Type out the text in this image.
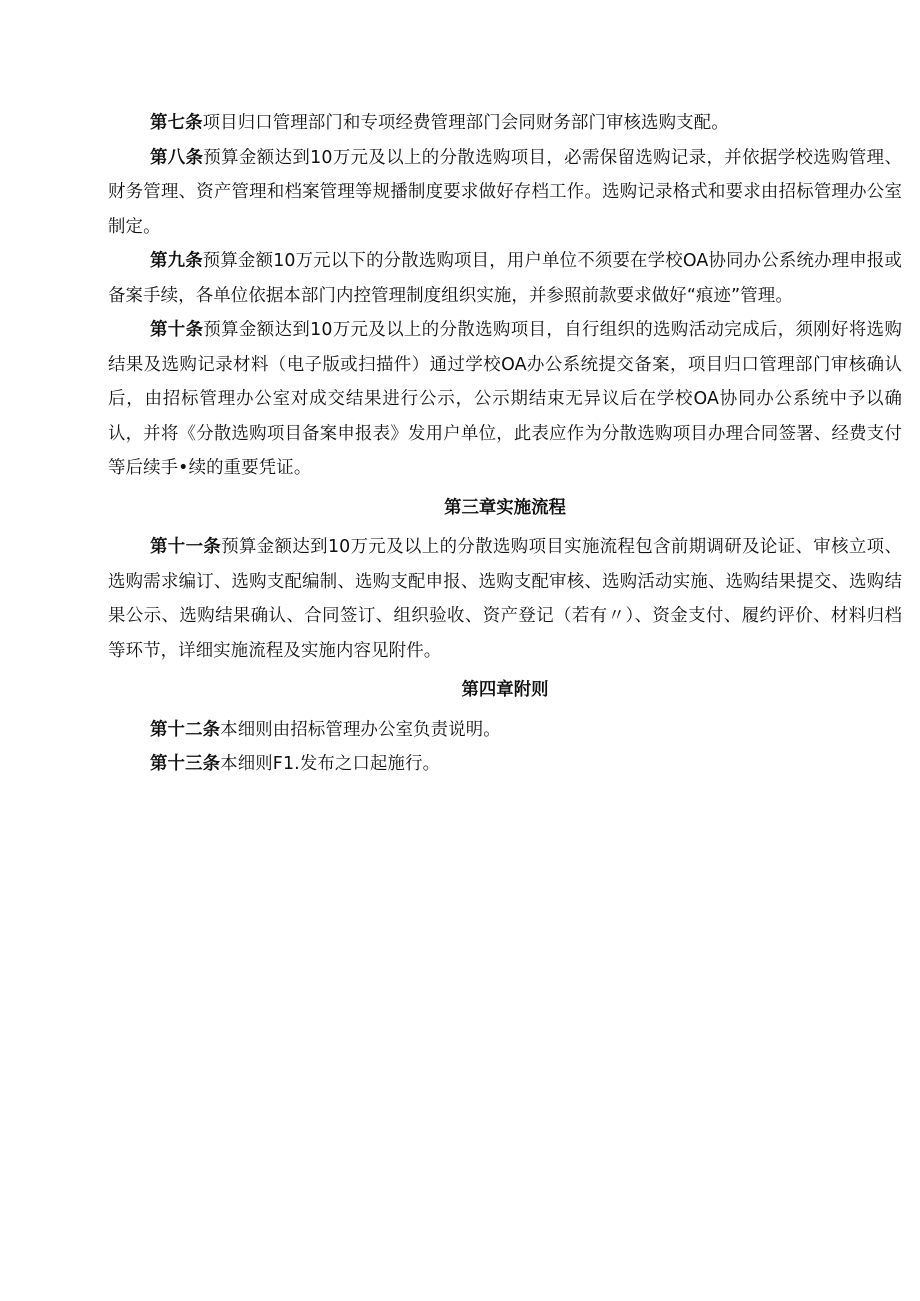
第七条项目归口管理部门和专项经费管理部门会同财务部门审核选购支配。

第八条预算金额达到10万元及以上的分散选购项目，必需保留选购记录，并依据学校选购管理、财务管理、资产管理和档案管理等规播制度要求做好存档工作。选购记录格式和要求由招标管理办公室制定。

第九条预算金额10万元以下的分散选购项目，用户单位不须要在学校OA协同办公系统办理申报或备案手续，各单位依据本部门内控管理制度组织实施，并参照前款要求做好“痕迹”管理。

第十条预算金额达到10万元及以上的分散选购项目，自行组织的选购活动完成后，须刚好将选购结果及选购记录材料（电子版或扫描件）通过学校OA办公系统提交备案，项目归口管理部门审核确认后，由招标管理办公室对成交结果进行公示，公示期结束无异议后在学校OA协同办公系统中予以确认，并将《分散选购项目备案申报表》发用户单位，此表应作为分散选购项目办理合同签署、经费支付等后续手•续的重要凭证。

第三章实施流程

第十一条预算金额达到10万元及以上的分散选购项目实施流程包含前期调研及论证、审核立项、选购需求编订、选购支配编制、选购支配申报、选购支配审核、选购活动实施、选购结果提交、选购结果公示、选购结果确认、合同签订、组织验收、资产登记（若有〃）、资金支付、履约评价、材料归档等环节，详细实施流程及实施内容见附件。

第四章附则

第十二条本细则由招标管理办公室负责说明。

第十三条本细则F1.发布之口起施行。
